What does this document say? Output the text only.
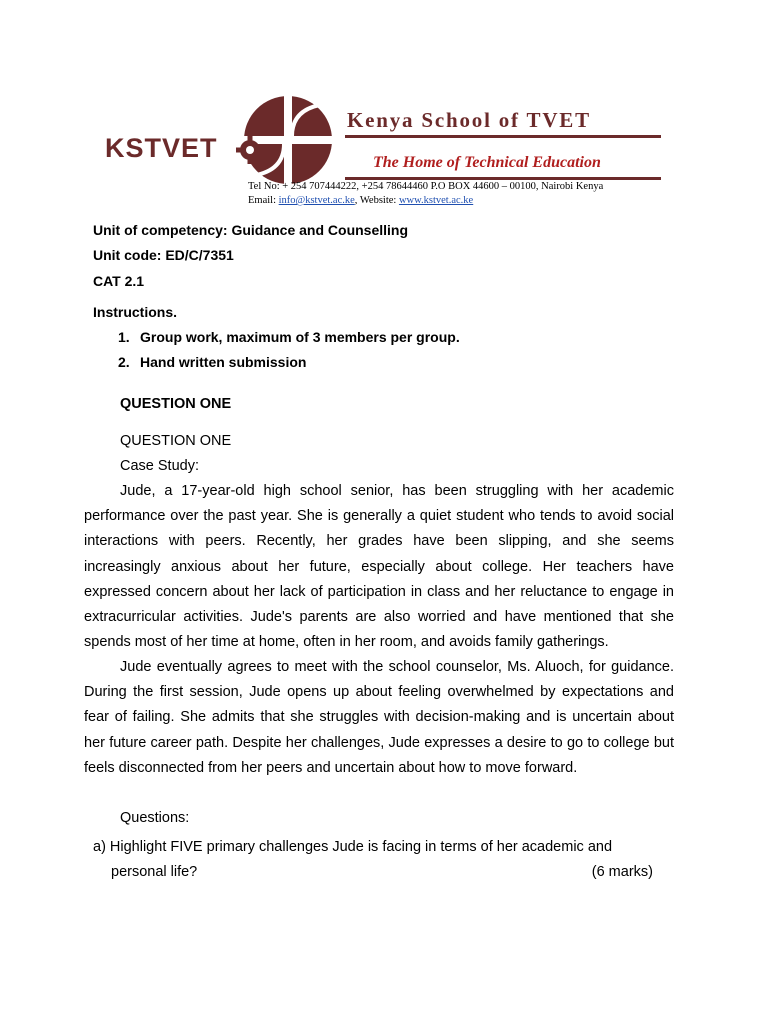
KSTVET
Kenya School of TVET
The Home of Technical Education
Tel No: + 254 707444222, +254 78644460 P.O BOX 44600 – 00100, Nairobi Kenya
Email: info@kstvet.ac.ke, Website: www.kstvet.ac.ke
Unit of competency: Guidance and Counselling
Unit code: ED/C/7351
CAT 2.1
Instructions.
1. Group work, maximum of 3 members per group.
2. Hand written submission
QUESTION ONE
QUESTION ONE
Case Study:
Jude, a 17-year-old high school senior, has been struggling with her academic performance over the past year. She is generally a quiet student who tends to avoid social interactions with peers. Recently, her grades have been slipping, and she seems increasingly anxious about her future, especially about college. Her teachers have expressed concern about her lack of participation in class and her reluctance to engage in extracurricular activities. Jude's parents are also worried and have mentioned that she spends most of her time at home, often in her room, and avoids family gatherings.
Jude eventually agrees to meet with the school counselor, Ms. Aluoch, for guidance. During the first session, Jude opens up about feeling overwhelmed by expectations and fear of failing. She admits that she struggles with decision-making and is uncertain about her future career path. Despite her challenges, Jude expresses a desire to go to college but feels disconnected from her peers and uncertain about how to move forward.
Questions:
a) Highlight FIVE primary challenges Jude is facing in terms of her academic and
personal life?	(6 marks)
